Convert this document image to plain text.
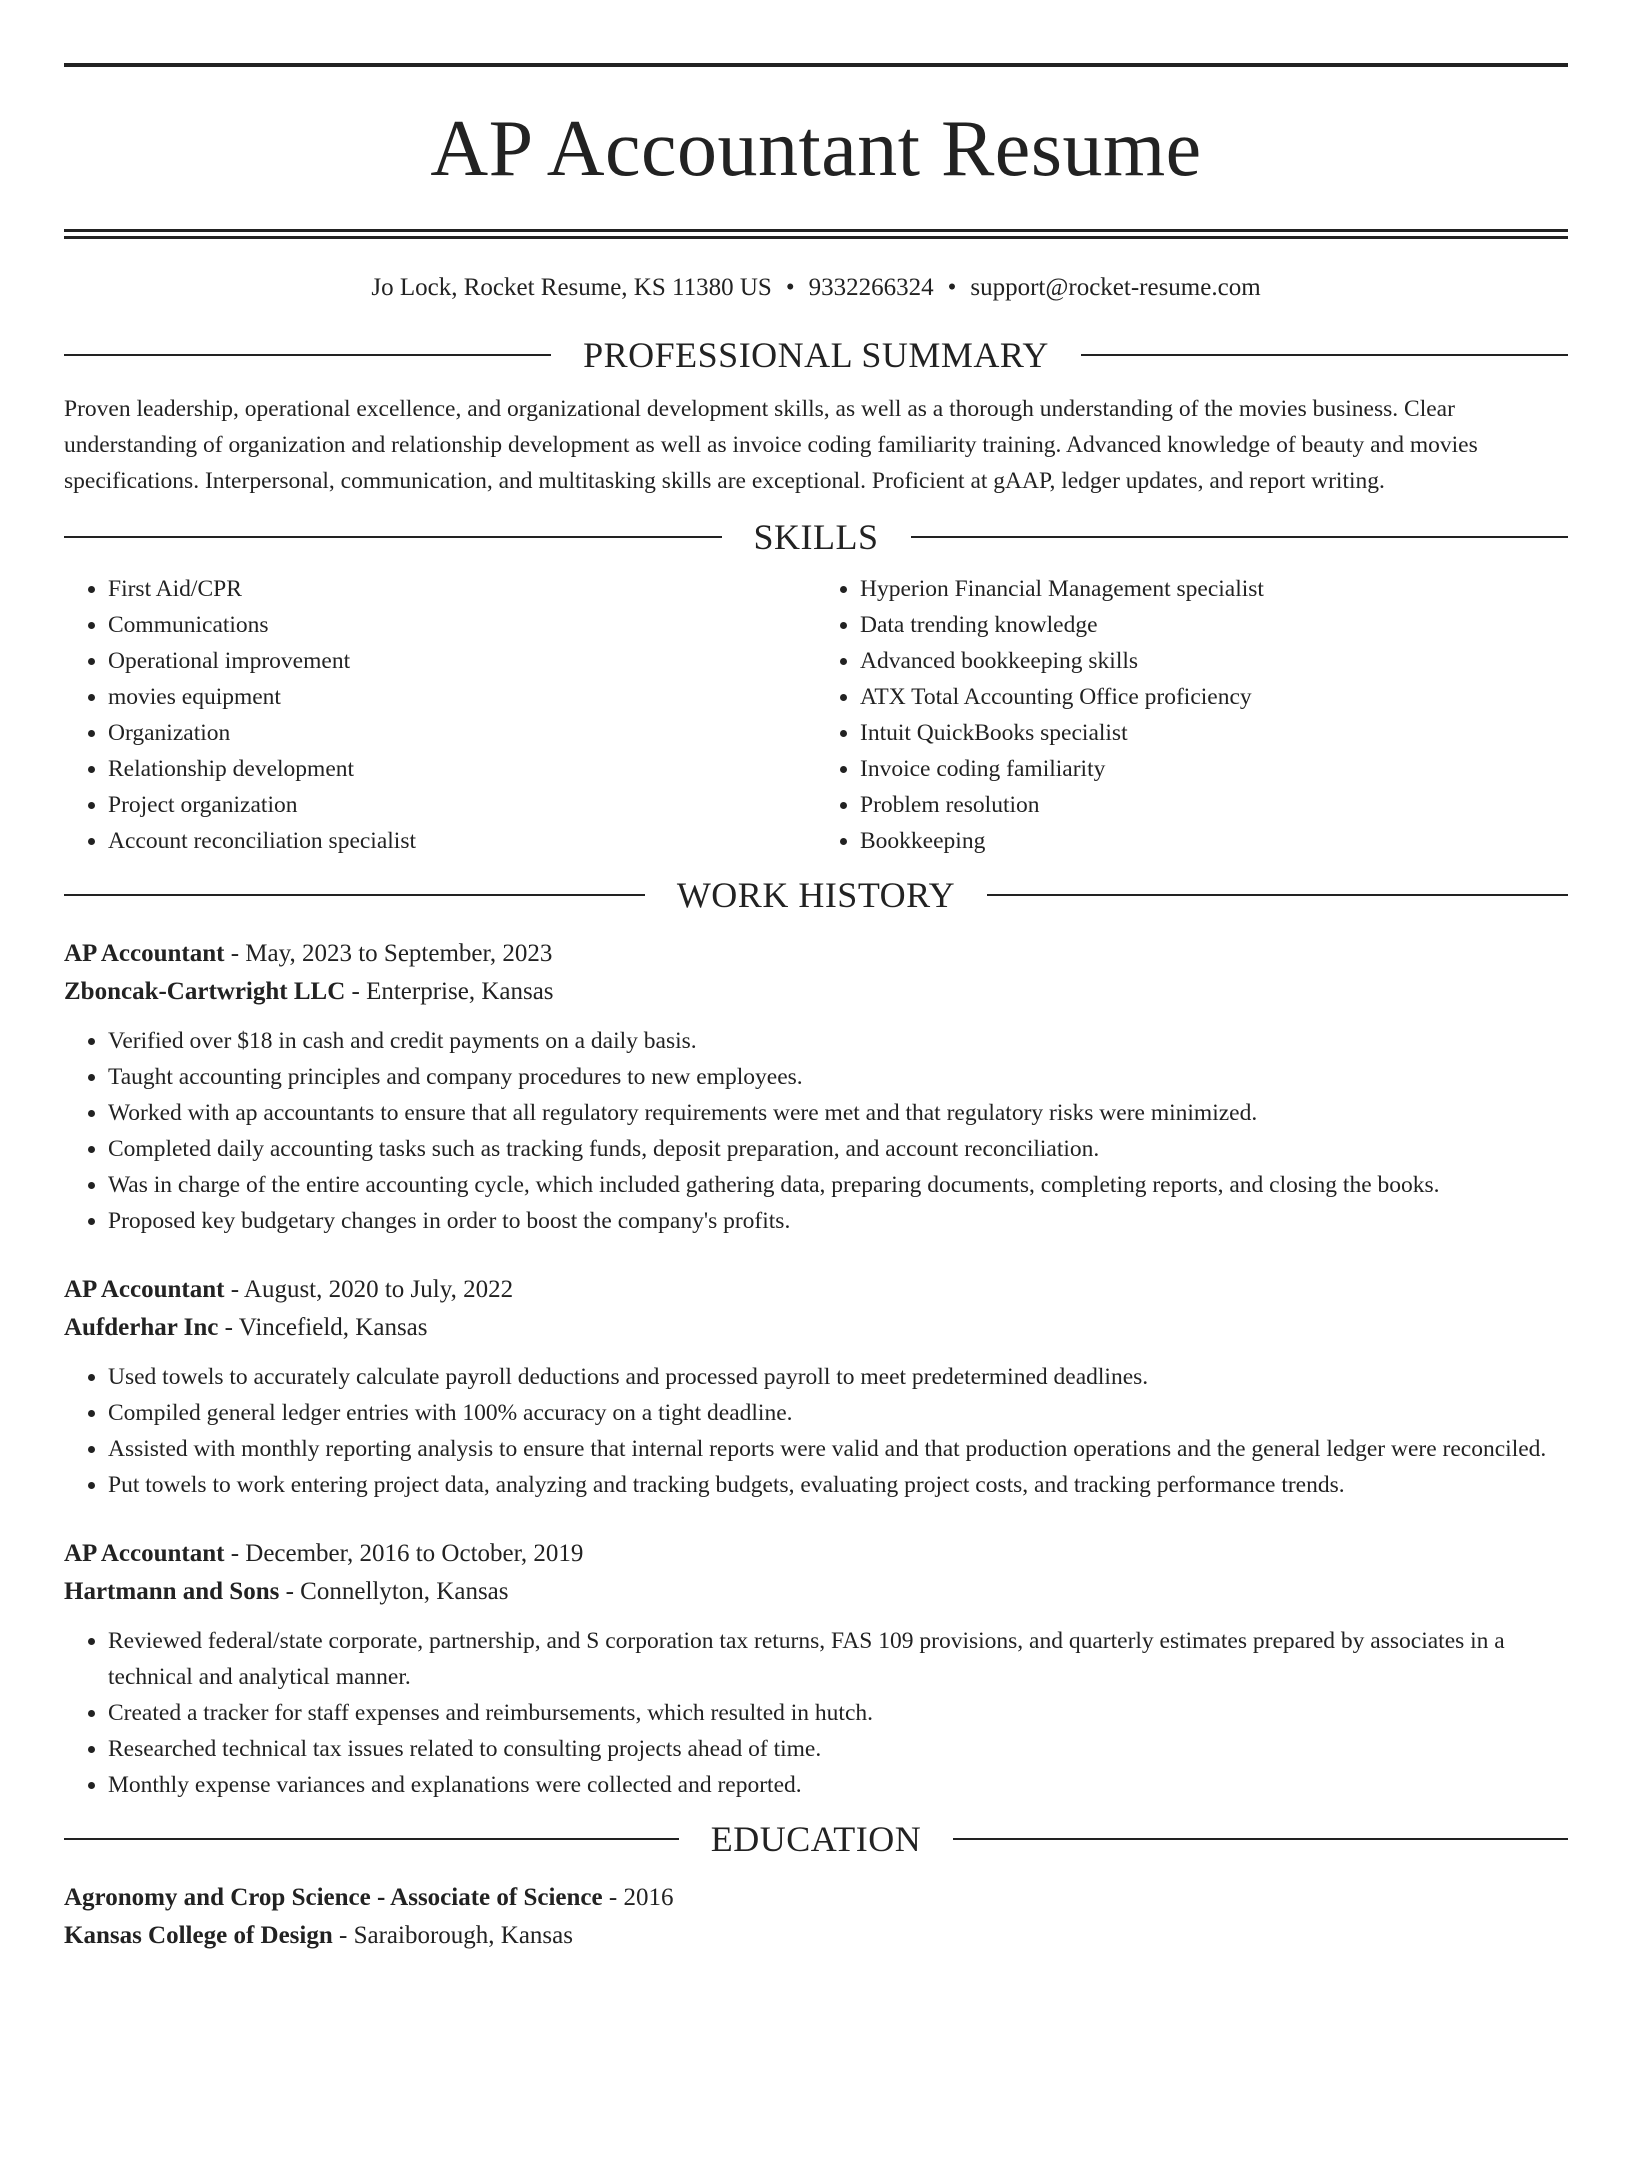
AP Accountant Resume
Jo Lock, Rocket Resume, KS 11380 US • 9332266324 • support@rocket-resume.com
PROFESSIONAL SUMMARY

Proven leadership, operational excellence, and organizational development skills, as well as a thorough understanding of the movies business. Clear understanding of organization and relationship development as well as invoice coding familiarity training. Advanced knowledge of beauty and movies specifications. Interpersonal, communication, and multitasking skills are exceptional. Proficient at gAAP, ledger updates, and report writing.

SKILLS
• First Aid/CPR
• Communications
• Operational improvement
• movies equipment
• Organization
• Relationship development
• Project organization
• Account reconciliation specialist
• Hyperion Financial Management specialist
• Data trending knowledge
• Advanced bookkeeping skills
• ATX Total Accounting Office proficiency
• Intuit QuickBooks specialist
• Invoice coding familiarity
• Problem resolution
• Bookkeeping
WORK HISTORY

AP Accountant - May, 2023 to September, 2023

Zboncak-Cartwright LLC - Enterprise, Kansas

• Verified over $18 in cash and credit payments on a daily basis.
• Taught accounting principles and company procedures to new employees.
• Worked with ap accountants to ensure that all regulatory requirements were met and that regulatory risks were minimized.
• Completed daily accounting tasks such as tracking funds, deposit preparation, and account reconciliation.
• Was in charge of the entire accounting cycle, which included gathering data, preparing documents, completing reports, and closing the books.
• Proposed key budgetary changes in order to boost the company's profits.

AP Accountant - August, 2020 to July, 2022

Aufderhar Inc - Vincefield, Kansas

• Used towels to accurately calculate payroll deductions and processed payroll to meet predetermined deadlines.
• Compiled general ledger entries with 100% accuracy on a tight deadline.
• Assisted with monthly reporting analysis to ensure that internal reports were valid and that production operations and the general ledger were reconciled.
• Put towels to work entering project data, analyzing and tracking budgets, evaluating project costs, and tracking performance trends.

AP Accountant - December, 2016 to October, 2019

Hartmann and Sons - Connellyton, Kansas

• Reviewed federal/state corporate, partnership, and S corporation tax returns, FAS 109 provisions, and quarterly estimates prepared by associates in a technical and analytical manner.
• Created a tracker for staff expenses and reimbursements, which resulted in hutch.
• Researched technical tax issues related to consulting projects ahead of time.
• Monthly expense variances and explanations were collected and reported.
EDUCATION

Agronomy and Crop Science - Associate of Science - 2016

Kansas College of Design - Saraiborough, Kansas
